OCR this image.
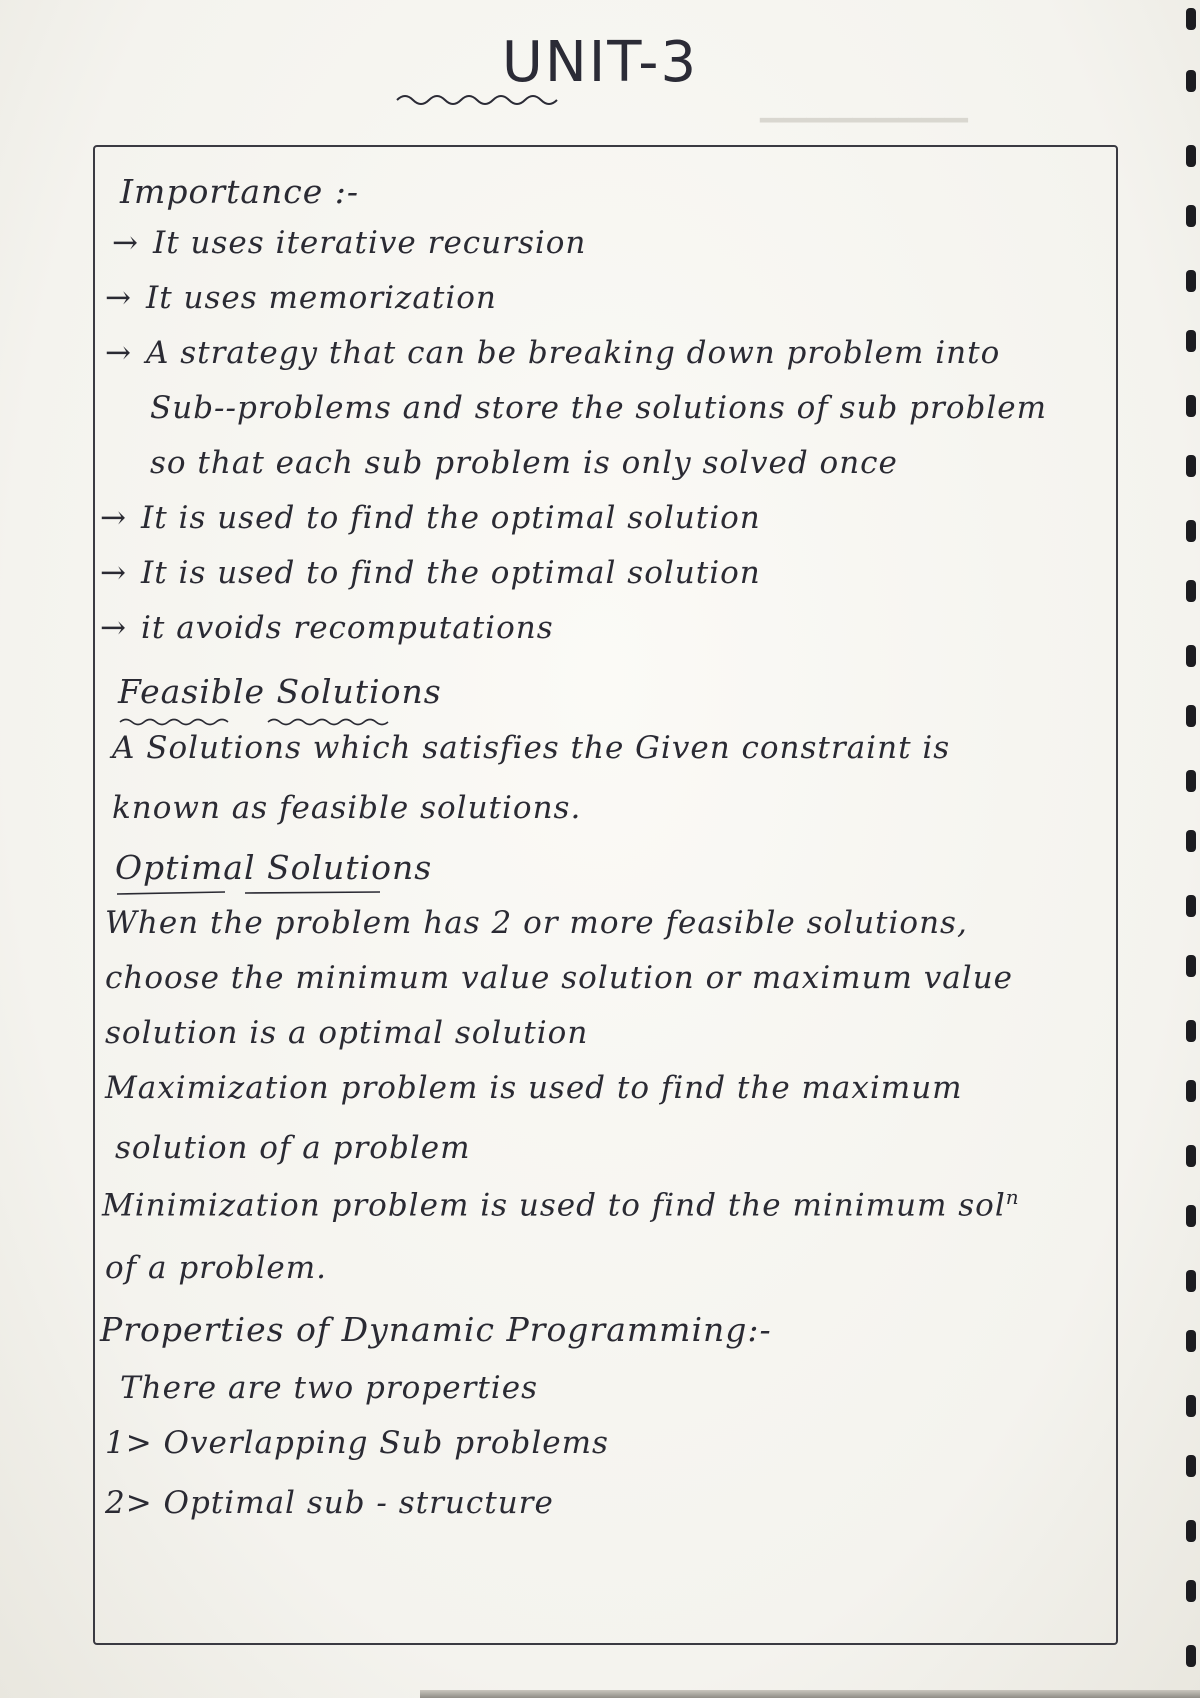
▁▁▁▁▁▁▁▁▁
UNIT-3
Importance :-
→ It uses iterative recursion
→ It uses memorization
→ A strategy that can be breaking down problem into
Sub--problems and store the solutions of sub problem
so that each sub problem is only solved once
→ It is used to find the optimal solution
→ It is used to find the optimal solution
→ it avoids recomputations
Feasible Solutions
A Solutions which satisfies the Given constraint is
known as feasible solutions.
Optimal Solutions
When the problem has 2 or more feasible solutions,
choose the minimum value solution or maximum value
solution is a optimal solution
Maximization problem is used to find the maximum
solution of a problem
Minimization problem is used to find the minimum sol$^n$
of a problem.
Properties of Dynamic Programming:-
There are two properties
1> Overlapping Sub problems
2> Optimal sub - structure
